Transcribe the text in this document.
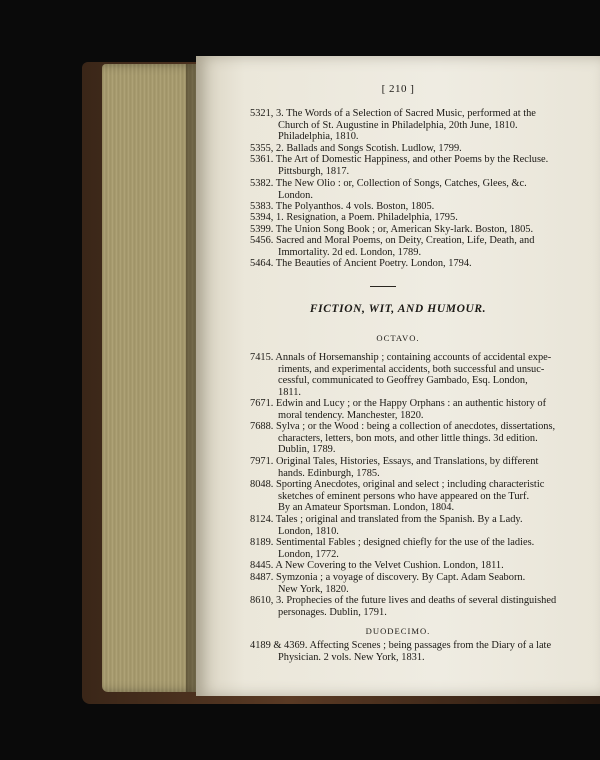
[ 210 ]
5321, 3. The Words of a Selection of Sacred Music, performed at the
Church of St. Augustine in Philadelphia, 20th June, 1810.
Philadelphia, 1810.
5355, 2. Ballads and Songs Scotish. Ludlow, 1799.
5361. The Art of Domestic Happiness, and other Poems by the Recluse.
Pittsburgh, 1817.
5382. The New Olio : or, Collection of Songs, Catches, Glees, &c.
London.
5383. The Polyanthos. 4 vols. Boston, 1805.
5394, 1. Resignation, a Poem. Philadelphia, 1795.
5399. The Union Song Book ; or, American Sky-lark. Boston, 1805.
5456. Sacred and Moral Poems, on Deity, Creation, Life, Death, and
Immortality. 2d ed. London, 1789.
5464. The Beauties of Ancient Poetry. London, 1794.
FICTION, WIT, AND HUMOUR.
OCTAVO.
7415. Annals of Horsemanship ; containing accounts of accidental expe-
riments, and experimental accidents, both successful and unsuc-
cessful, communicated to Geoffrey Gambado, Esq. London,
1811.
7671. Edwin and Lucy ; or the Happy Orphans : an authentic history of
moral tendency. Manchester, 1820.
7688. Sylva ; or the Wood : being a collection of anecdotes, dissertations,
characters, letters, bon mots, and other little things. 3d edition.
Dublin, 1789.
7971. Original Tales, Histories, Essays, and Translations, by different
hands. Edinburgh, 1785.
8048. Sporting Anecdotes, original and select ; including characteristic
sketches of eminent persons who have appeared on the Turf.
By an Amateur Sportsman. London, 1804.
8124. Tales ; original and translated from the Spanish. By a Lady.
London, 1810.
8189. Sentimental Fables ; designed chiefly for the use of the ladies.
London, 1772.
8445. A New Covering to the Velvet Cushion. London, 1811.
8487. Symzonia ; a voyage of discovery. By Capt. Adam Seaborn.
New York, 1820.
8610, 3. Prophecies of the future lives and deaths of several distinguished
personages. Dublin, 1791.
DUODECIMO.
4189 & 4369. Affecting Scenes ; being passages from the Diary of a late
Physician. 2 vols. New York, 1831.
